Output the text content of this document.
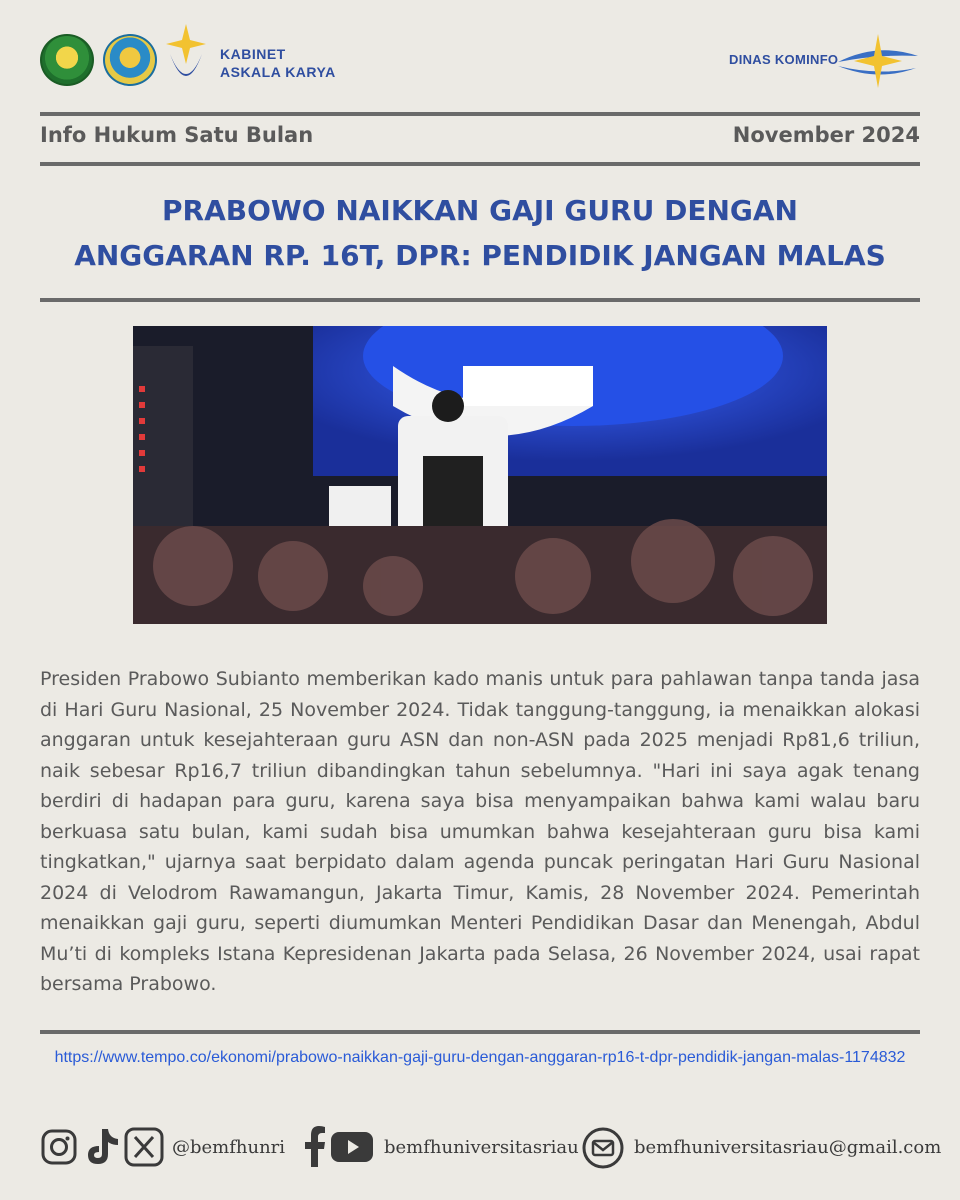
KABINET
ASKALA KARYA
DINAS KOMINFO
Info Hukum Satu Bulan	November 2024
PRABOWO NAIKKAN GAJI GURU DENGAN
ANGGARAN RP. 16T, DPR: PENDIDIK JANGAN MALAS

Presiden Prabowo Subianto memberikan kado manis untuk para pahlawan tanpa tanda jasa di Hari Guru Nasional, 25 November 2024. Tidak tanggung-tanggung, ia menaikkan alokasi anggaran untuk kesejahteraan guru ASN dan non-ASN pada 2025 menjadi Rp81,6 triliun, naik sebesar Rp16,7 triliun dibandingkan tahun sebelumnya. "Hari ini saya agak tenang berdiri di hadapan para guru, karena saya bisa menyampaikan bahwa kami walau baru berkuasa satu bulan, kami sudah bisa umumkan bahwa kesejahteraan guru bisa kami tingkatkan," ujarnya saat berpidato dalam agenda puncak peringatan Hari Guru Nasional 2024 di Velodrom Rawamangun, Jakarta Timur, Kamis, 28 November 2024. Pemerintah menaikkan gaji guru, seperti diumumkan Menteri Pendidikan Dasar dan Menengah, Abdul Mu’ti di kompleks Istana Kepresidenan Jakarta pada Selasa, 26 November 2024, usai rapat bersama Prabowo.

https://www.tempo.co/ekonomi/prabowo-naikkan-gaji-guru-dengan-anggaran-rp16-t-dpr-pendidik-jangan-malas-1174832
@bemfhunri	bemfhuniversitasriau	bemfhuniversitasriau@gmail.com
